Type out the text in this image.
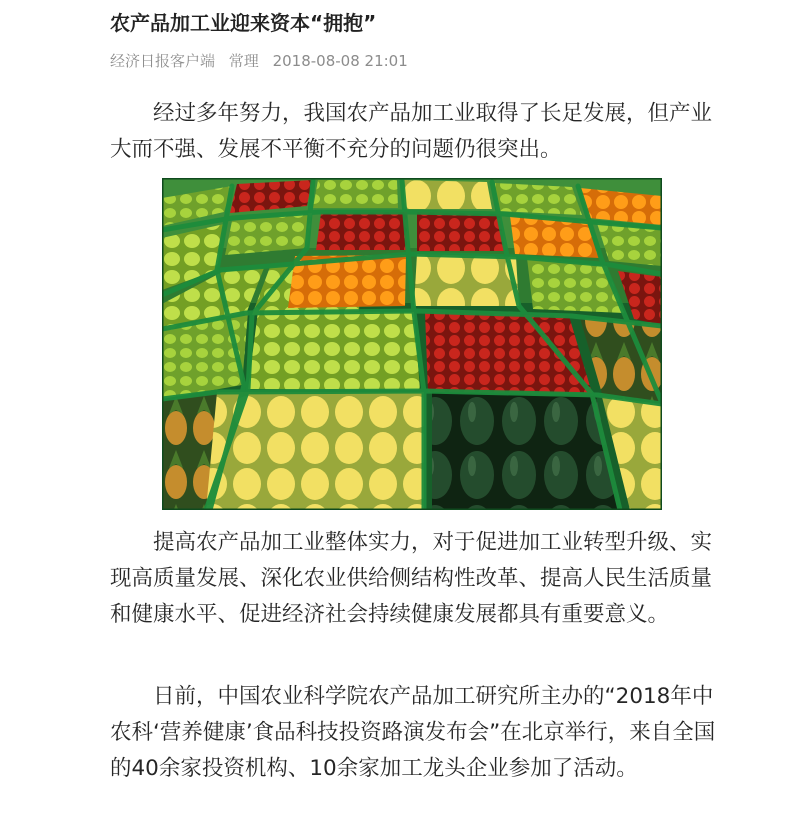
农产品加工业迎来资本“拥抱”
经济日报客户端 常理 2018-08-08 21:01

经过多年努力，我国农产品加工业取得了长足发展，但产业大而不强、发展不平衡不充分的问题仍很突出。

提高农产品加工业整体实力，对于促进加工业转型升级、实现高质量发展、深化农业供给侧结构性改革、提高人民生活质量和健康水平、促进经济社会持续健康发展都具有重要意义。

日前，中国农业科学院农产品加工研究所主办的“2018年中农科‘营养健康’食品科技投资路演发布会”在北京举行，来自全国的40余家投资机构、10余家加工龙头企业参加了活动。
